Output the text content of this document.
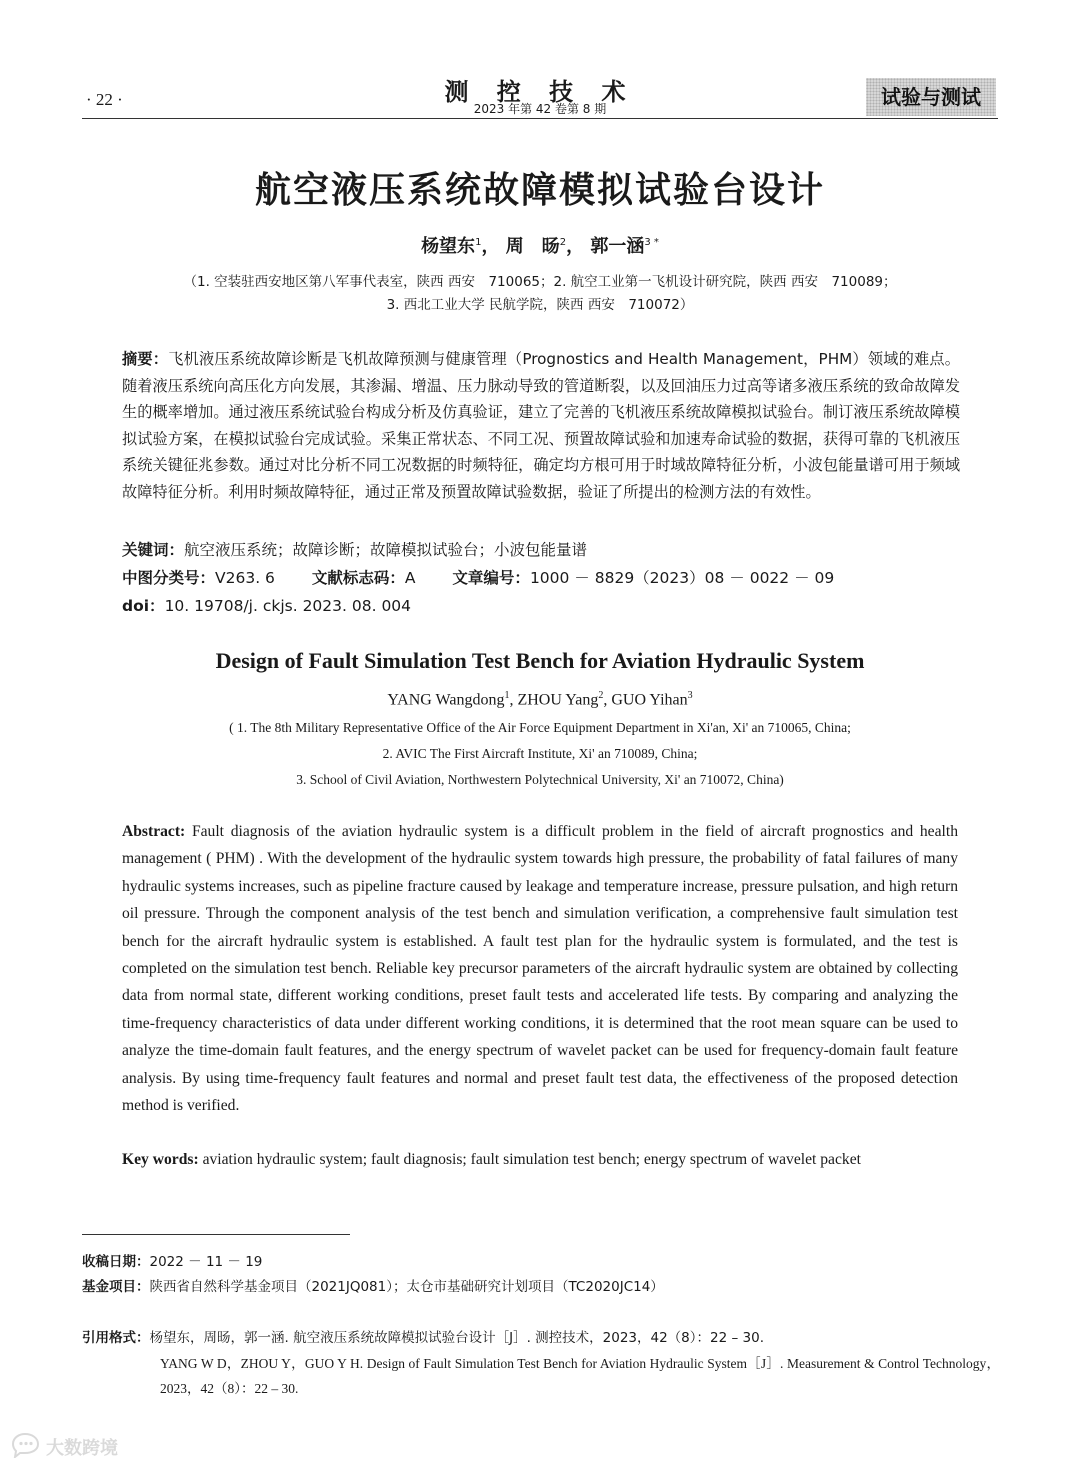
· 22 ·	测 控 技 术
2023 年第 42 卷第 8 期	试验与测试
航空液压系统故障模拟试验台设计
杨望东$^1$， 周　旸$^2$， 郭一涵$^{3 *}$
（1. 空装驻西安地区第八军事代表室，陕西 西安　710065；2. 航空工业第一飞机设计研究院，陕西 西安　710089；
3. 西北工业大学 民航学院，陕西 西安　710072）
摘要：飞机液压系统故障诊断是飞机故障预测与健康管理（Prognostics and Health Management，PHM）领域的难点。随着液压系统向高压化方向发展，其渗漏、增温、压力脉动导致的管道断裂，以及回油压力过高等诸多液压系统的致命故障发生的概率增加。通过液压系统试验台构成分析及仿真验证，建立了完善的飞机液压系统故障模拟试验台。制订液压系统故障模拟试验方案，在模拟试验台完成试验。采集正常状态、不同工况、预置故障试验和加速寿命试验的数据，获得可靠的飞机液压系统关键征兆参数。通过对比分析不同工况数据的时频特征，确定均方根可用于时域故障特征分析，小波包能量谱可用于频域故障特征分析。利用时频故障特征，通过正常及预置故障试验数据，验证了所提出的检测方法的有效性。
关键词：航空液压系统；故障诊断；故障模拟试验台；小波包能量谱
中图分类号：V263. 6 文献标志码：A 文章编号：1000 － 8829（2023）08 － 0022 － 09
doi：10. 19708/j. ckjs. 2023. 08. 004
Design of Fault Simulation Test Bench for Aviation Hydraulic System
YANG Wangdong$^1$, ZHOU Yang$^2$, GUO Yihan$^3$
( 1. The 8th Military Representative Office of the Air Force Equipment Department in Xi'an, Xi' an 710065, China;
2. AVIC The First Aircraft Institute, Xi' an 710089, China;
3. School of Civil Aviation, Northwestern Polytechnical University, Xi' an 710072, China)
Abstract: Fault diagnosis of the aviation hydraulic system is a difficult problem in the field of aircraft prognostics and health management ( PHM) . With the development of the hydraulic system towards high pressure, the probability of fatal failures of many hydraulic systems increases, such as pipeline fracture caused by leakage and temperature increase, pressure pulsation, and high return oil pressure. Through the component analysis of the test bench and simulation verification, a comprehensive fault simulation test bench for the aircraft hydraulic system is established. A fault test plan for the hydraulic system is formulated, and the test is completed on the simulation test bench. Reliable key precursor parameters of the aircraft hydraulic system are obtained by collecting data from normal state, different working conditions, preset fault tests and accelerated life tests. By comparing and analyzing the time-frequency characteristics of data under different working conditions, it is determined that the root mean square can be used to analyze the time-domain fault features, and the energy spectrum of wavelet packet can be used for frequency-domain fault feature analysis. By using time-frequency fault features and normal and preset fault test data, the effectiveness of the proposed detection method is verified.
Key words: aviation hydraulic system; fault diagnosis; fault simulation test bench; energy spectrum of wavelet packet
收稿日期：2022 － 11 － 19
基金项目：陕西省自然科学基金项目（2021JQ081）；太仓市基础研究计划项目（TC2020JC14）
引用格式：杨望东，周旸，郭一涵. 航空液压系统故障模拟试验台设计［J］. 测控技术，2023，42（8）：22 – 30.
YANG W D，ZHOU Y，GUO Y H. Design of Fault Simulation Test Bench for Aviation Hydraulic System［J］. Measurement & Control Technology，2023，42（8）：22 – 30.
大数跨境
